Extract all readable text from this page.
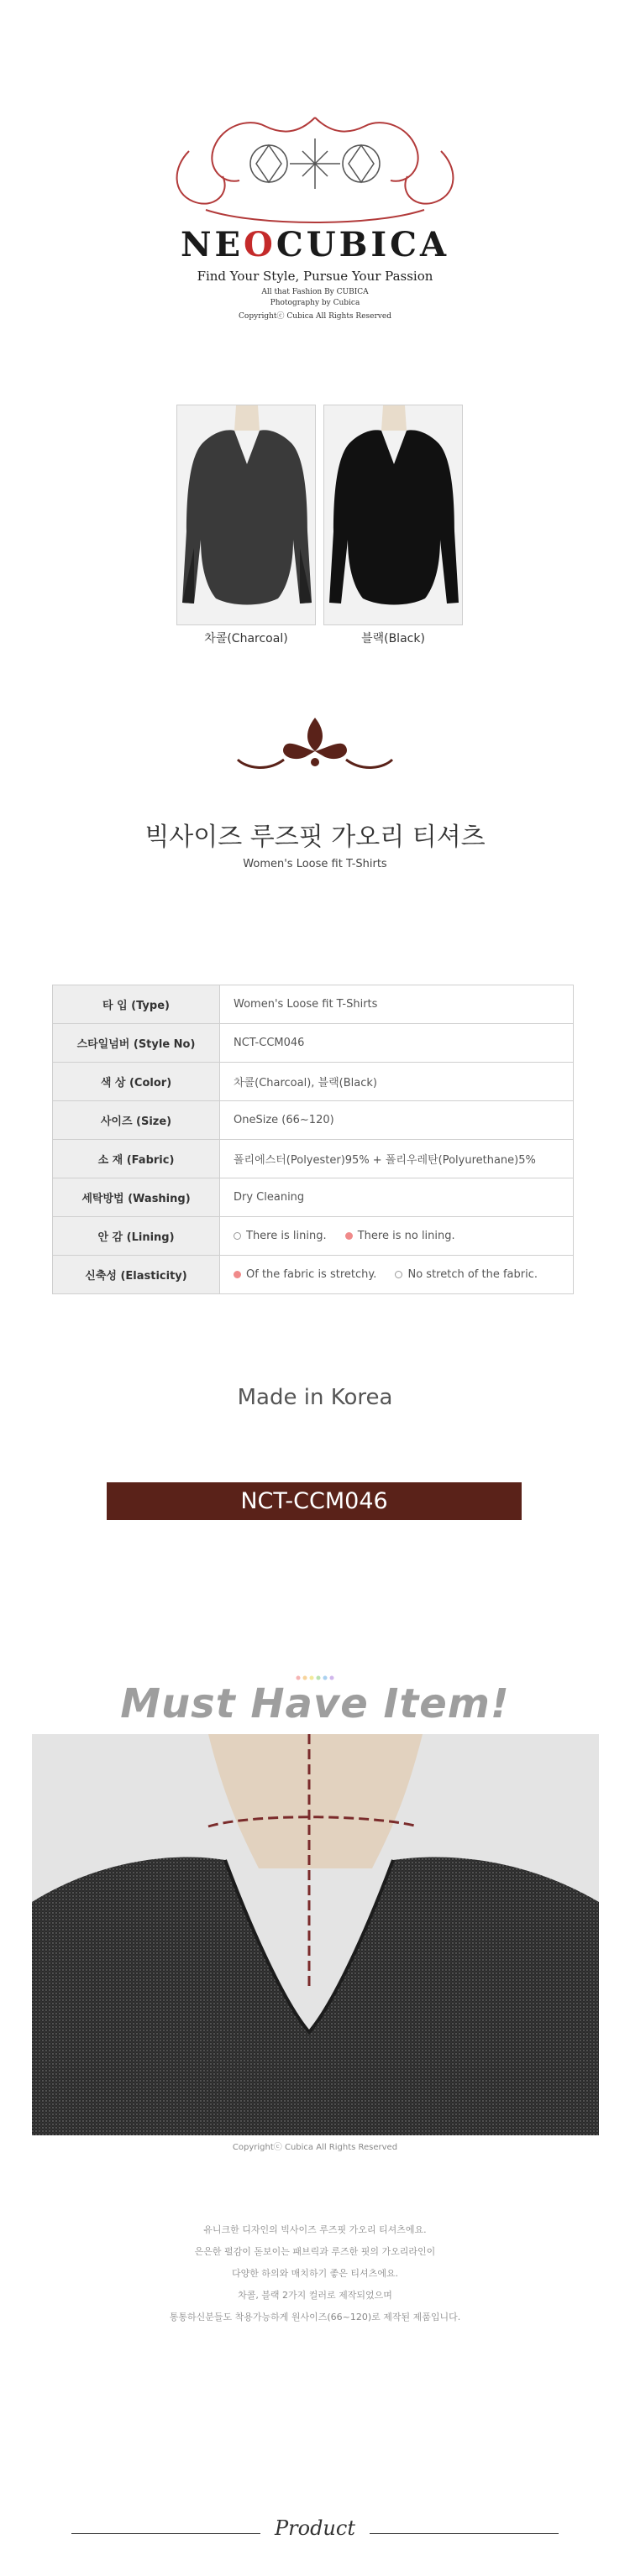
NEOCUBICA
Find Your Style, Pursue Your Passion
All that Fashion By CUBICA
Photography by Cubica
Copyrightⓒ Cubica All Rights Reserved
차콜(Charcoal)	블랙(Black)
빅사이즈 루즈핏 가오리 티셔츠
Women's Loose fit T-Shirts
타 입 (Type)	Women's Loose fit T-Shirts
스타일넘버 (Style No)	NCT-CCM046
색 상 (Color)	차콜(Charcoal), 블랙(Black)
사이즈 (Size)	OneSize (66~120)
소 재 (Fabric)	폴리에스터(Polyester)95% + 폴리우레탄(Polyurethane)5%
세탁방법 (Washing)	Dry Cleaning
안 감 (Lining)	There is lining. There is no lining.
신축성 (Elasticity)	Of the fabric is stretchy. No stretch of the fabric.
Made in Korea
NCT-CCM046
Must Have Item!
Copyrightⓒ Cubica All Rights Reserved
유니크한 디자인의 빅사이즈 루즈핏 가오리 티셔츠에요.
은은한 펄감이 돋보이는 패브릭과 루즈한 핏의 가오리라인이
다양한 하의와 매치하기 좋은 티셔츠에요.
차콜, 블랙 2가지 컬러로 제작되었으며
통통하신분들도 착용가능하게 원사이즈(66~120)로 제작된 제품입니다.
Product
